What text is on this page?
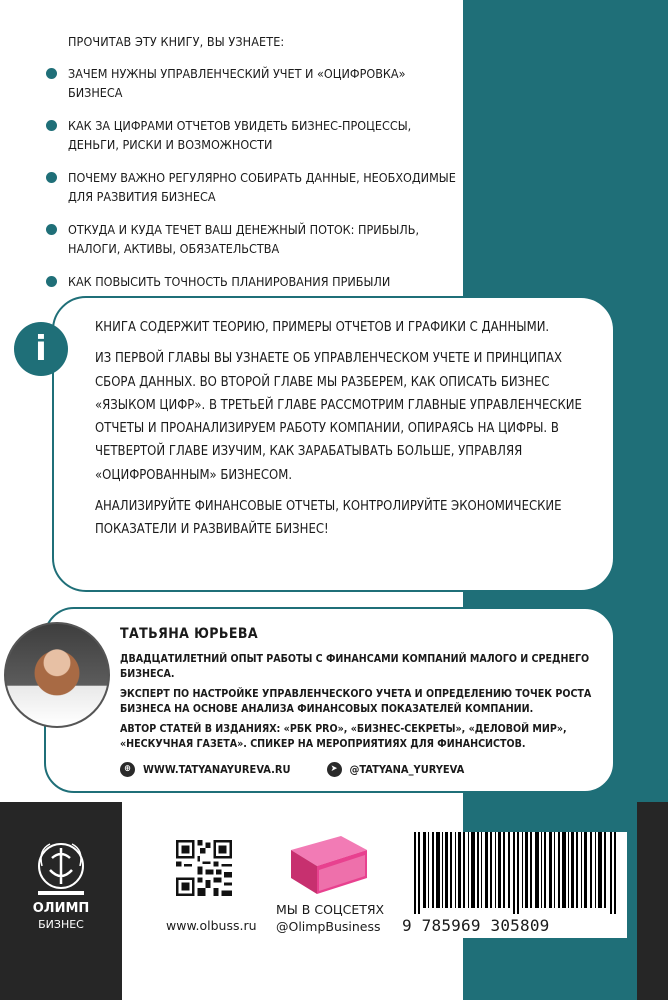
ПРОЧИТАВ ЭТУ КНИГУ, ВЫ УЗНАЕТЕ:
ЗАЧЕМ НУЖНЫ УПРАВЛЕНЧЕСКИЙ УЧЕТ И «ОЦИФРОВКА» БИЗНЕСА
КАК ЗА ЦИФРАМИ ОТЧЕТОВ УВИДЕТЬ БИЗНЕС-ПРОЦЕССЫ, ДЕНЬГИ, РИСКИ И ВОЗМОЖНОСТИ
ПОЧЕМУ ВАЖНО РЕГУЛЯРНО СОБИРАТЬ ДАННЫЕ, НЕОБХОДИМЫЕ ДЛЯ РАЗВИТИЯ БИЗНЕСА
ОТКУДА И КУДА ТЕЧЕТ ВАШ ДЕНЕЖНЫЙ ПОТОК: ПРИБЫЛЬ, НАЛОГИ, АКТИВЫ, ОБЯЗАТЕЛЬСТВА
КАК ПОВЫСИТЬ ТОЧНОСТЬ ПЛАНИРОВАНИЯ ПРИБЫЛИ
i

КНИГА СОДЕРЖИТ ТЕОРИЮ, ПРИМЕРЫ ОТЧЕТОВ И ГРАФИКИ С ДАННЫМИ.

ИЗ ПЕРВОЙ ГЛАВЫ ВЫ УЗНАЕТЕ ОБ УПРАВЛЕНЧЕСКОМ УЧЕТЕ И ПРИНЦИПАХ СБОРА ДАННЫХ. ВО ВТОРОЙ ГЛАВЕ МЫ РАЗБЕРЕМ, КАК ОПИСАТЬ БИЗНЕС «ЯЗЫКОМ ЦИФР». В ТРЕТЬЕЙ ГЛАВЕ РАССМОТРИМ ГЛАВНЫЕ УПРАВЛЕНЧЕСКИЕ ОТЧЕТЫ И ПРОАНАЛИЗИРУЕМ РАБОТУ КОМПАНИИ, ОПИРАЯСЬ НА ЦИФРЫ. В ЧЕТВЕРТОЙ ГЛАВЕ ИЗУЧИМ, КАК ЗАРАБАТЫВАТЬ БОЛЬШЕ, УПРАВЛЯЯ «ОЦИФРОВАННЫМ» БИЗНЕСОМ.

АНАЛИЗИРУЙТЕ ФИНАНСОВЫЕ ОТЧЕТЫ, КОНТРОЛИРУЙТЕ ЭКОНОМИЧЕСКИЕ ПОКАЗАТЕЛИ И РАЗВИВАЙТЕ БИЗНЕС!

ТАТЬЯНА ЮРЬЕВА

ДВАДЦАТИЛЕТНИЙ ОПЫТ РАБОТЫ С ФИНАНСАМИ КОМПАНИЙ МАЛОГО И СРЕДНЕГО БИЗНЕСА.

ЭКСПЕРТ ПО НАСТРОЙКЕ УПРАВЛЕНЧЕСКОГО УЧЕТА И ОПРЕДЕЛЕНИЮ ТОЧЕК РОСТА БИЗНЕСА НА ОСНОВЕ АНАЛИЗА ФИНАНСОВЫХ ПОКАЗАТЕЛЕЙ КОМПАНИИ.

АВТОР СТАТЕЙ В ИЗДАНИЯХ: «РБК PRO», «БИЗНЕС-СЕКРЕТЫ», «ДЕЛОВОЙ МИР», «НЕСКУЧНАЯ ГАЗЕТА». СПИКЕР НА МЕРОПРИЯТИЯХ ДЛЯ ФИНАНСИСТОВ.

⊕	WWW.TATYANAYUREVA.RU	➤	@TATYANA_YURYEVA
ОЛИМП
БИЗНЕС	www.olbuss.ru
МЫ В СОЦСЕТЯХ
@OlimpBusiness 9 785969 305809
